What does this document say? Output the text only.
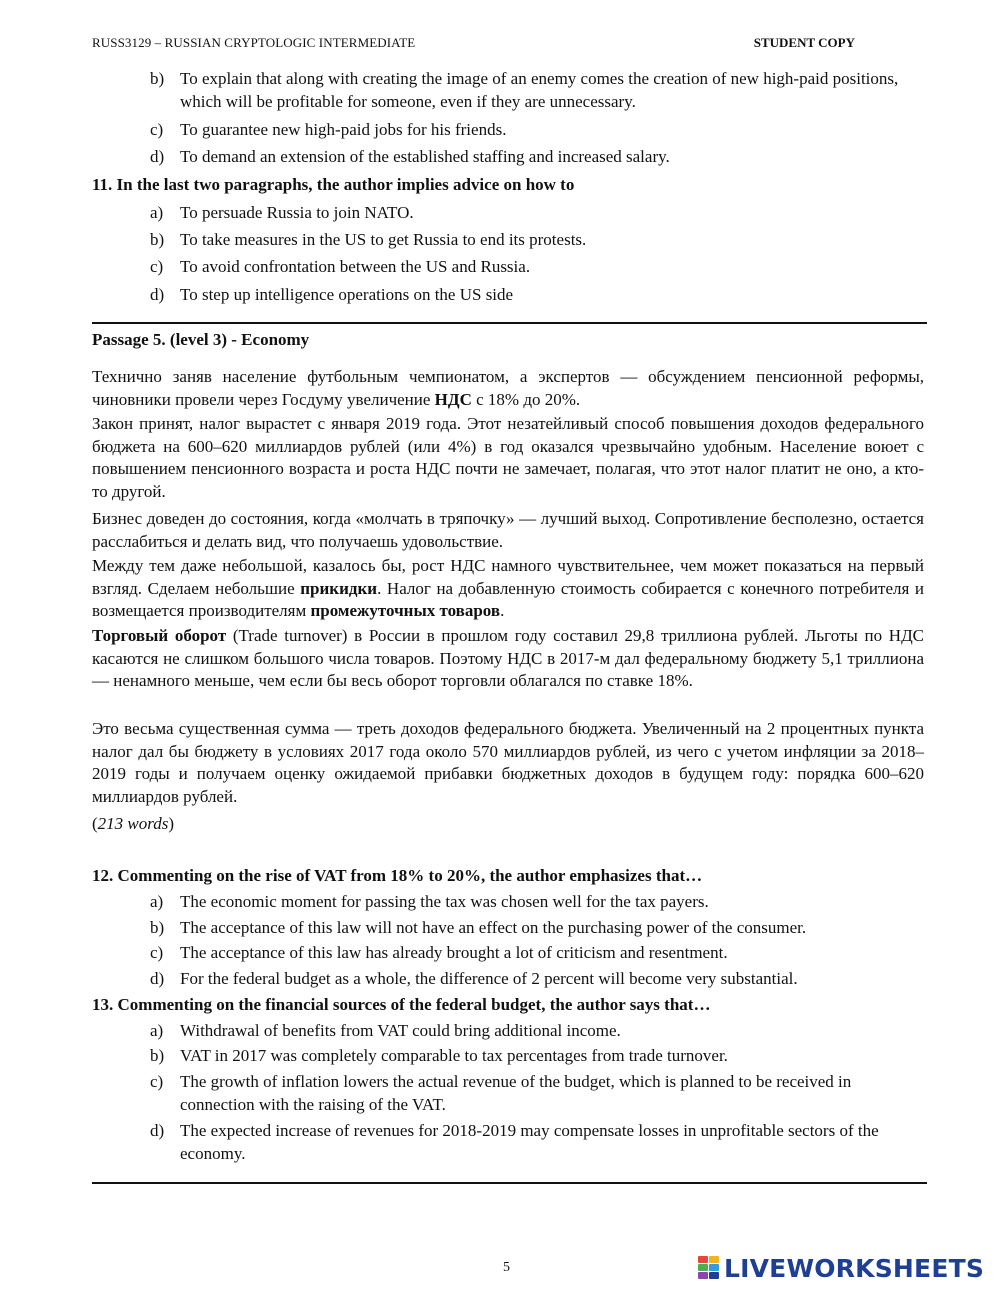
RUSS3129 – RUSSIAN CRYPTOLOGIC INTERMEDIATE	STUDENT COPY
b) To explain that along with creating the image of an enemy comes the creation of new high-paid positions, which will be profitable for someone, even if they are unnecessary.
c) To guarantee new high-paid jobs for his friends.
d) To demand an extension of the established staffing and increased salary.
11. In the last two paragraphs, the author implies advice on how to
a) To persuade Russia to join NATO.
b) To take measures in the US to get Russia to end its protests.
c) To avoid confrontation between the US and Russia.
d) To step up intelligence operations on the US side
Passage 5. (level 3) - Economy

Технично заняв население футбольным чемпионатом, а экспертов — обсуждением пенсионной реформы, чиновники провели через Госдуму увеличение НДС с 18% до 20%.

Закон принят, налог вырастет с января 2019 года. Этот незатейливый способ повышения доходов федерального бюджета на 600–620 миллиардов рублей (или 4%) в год оказался чрезвычайно удобным. Население воюет с повышением пенсионного возраста и роста НДС почти не замечает, полагая, что этот налог платит не оно, а кто-то другой.

Бизнес доведен до состояния, когда «молчать в тряпочку» — лучший выход. Сопротивление бесполезно, остается расслабиться и делать вид, что получаешь удовольствие.

Между тем даже небольшой, казалось бы, рост НДС намного чувствительнее, чем может показаться на первый взгляд. Сделаем небольшие прикидки. Налог на добавленную стоимость собирается с конечного потребителя и возмещается производителям промежуточных товаров.

Торговый оборот (Trade turnover) в России в прошлом году составил 29,8 триллиона рублей. Льготы по НДС касаются не слишком большого числа товаров. Поэтому НДС в 2017-м дал федеральному бюджету 5,1 триллиона — ненамного меньше, чем если бы весь оборот торговли облагался по ставке 18%.

Это весьма существенная сумма — треть доходов федерального бюджета. Увеличенный на 2 процентных пункта налог дал бы бюджету в условиях 2017 года около 570 миллиардов рублей, из чего с учетом инфляции за 2018–2019 годы и получаем оценку ожидаемой прибавки бюджетных доходов в будущем году: порядка 600–620 миллиардов рублей.

(213 words)
12. Commenting on the rise of VAT from 18% to 20%, the author emphasizes that…
a) The economic moment for passing the tax was chosen well for the tax payers.
b) The acceptance of this law will not have an effect on the purchasing power of the consumer.
c) The acceptance of this law has already brought a lot of criticism and resentment.
d) For the federal budget as a whole, the difference of 2 percent will become very substantial.
13. Commenting on the financial sources of the federal budget, the author says that…
a) Withdrawal of benefits from VAT could bring additional income.
b) VAT in 2017 was completely comparable to tax percentages from trade turnover.
c) The growth of inflation lowers the actual revenue of the budget, which is planned to be received in connection with the raising of the VAT.
d) The expected increase of revenues for 2018-2019 may compensate losses in unprofitable sectors of the economy.
5	LIVEWORKSHEETS
